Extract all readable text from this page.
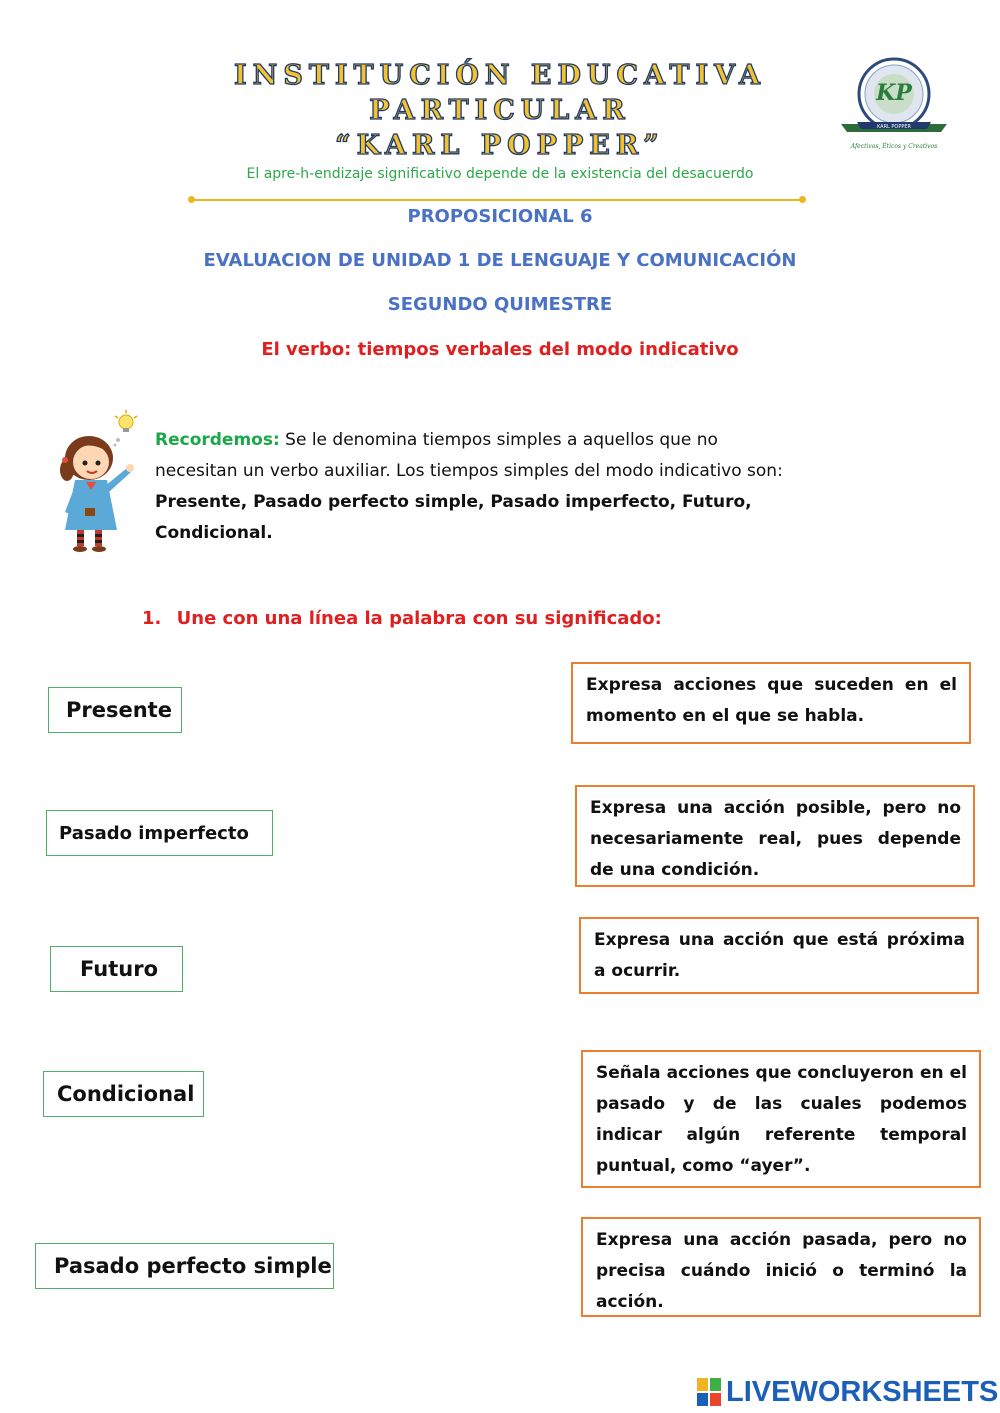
INSTITUCIÓN EDUCATIVA
PARTICULAR
“KARL POPPER”
KP
KARL POPPER
Afectivos, Éticos y Creativos
El apre-h-endizaje significativo depende de la existencia del desacuerdo
PROPOSICIONAL 6
EVALUACION DE UNIDAD 1 DE LENGUAJE Y COMUNICACIÓN
SEGUNDO QUIMESTRE
El verbo: tiempos verbales del modo indicativo
Recordemos: Se le denomina tiempos simples a aquellos que no
necesitan un verbo auxiliar. Los tiempos simples del modo indicativo son:
Presente, Pasado perfecto simple, Pasado imperfecto, Futuro,
Condicional.
1. Une con una línea la palabra con su significado:
Presente
Pasado imperfecto
Futuro
Condicional
Pasado perfecto simple
Expresa acciones que suceden en el momento en el que se habla.
Expresa una acción posible, pero no necesariamente real, pues depende de una condición.
Expresa una acción que está próxima a ocurrir.
Señala acciones que concluyeron en el pasado y de las cuales podemos indicar algún referente temporal puntual, como “ayer”.
Expresa una acción pasada, pero no precisa cuándo inició o terminó la acción.
LIVEWORKSHEETS
